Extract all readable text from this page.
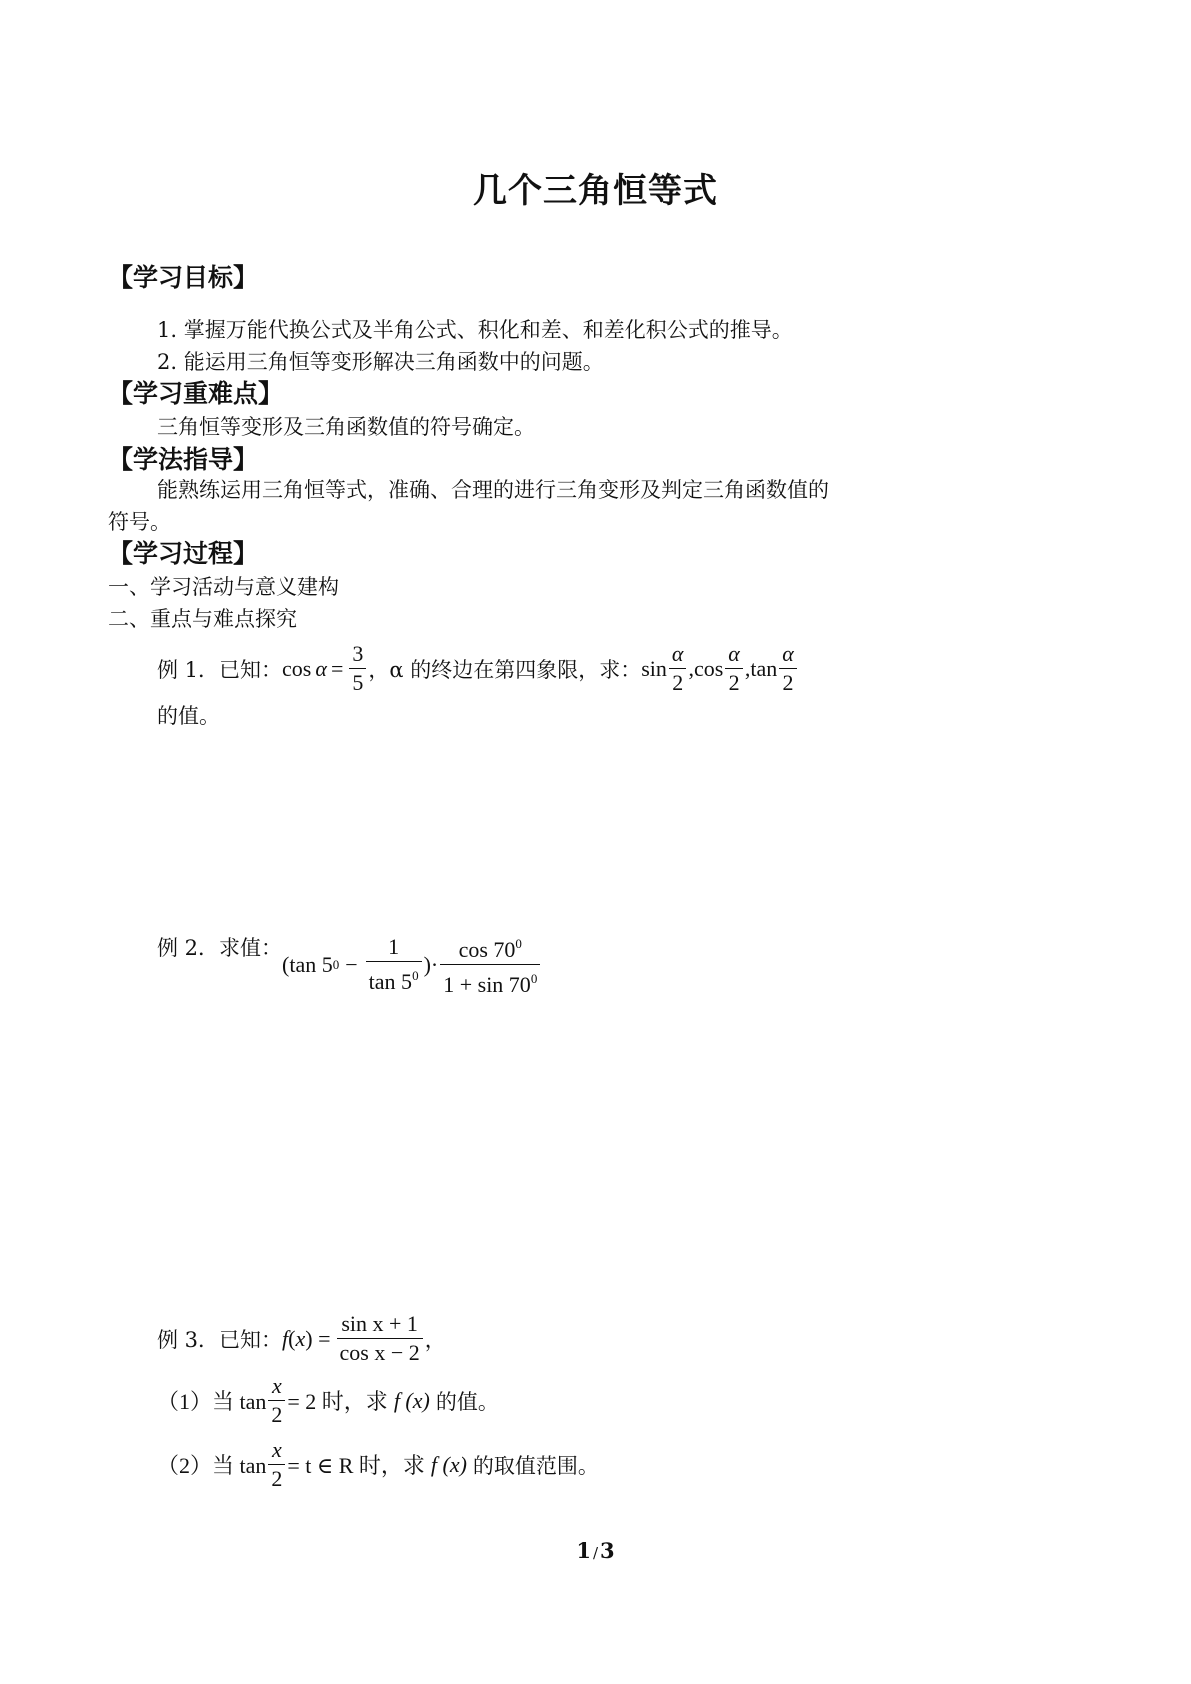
几个三角恒等式
【学习目标】
1. 掌握万能代换公式及半角公式、积化和差、和差化积公式的推导。
2. 能运用三角恒等变形解决三角函数中的问题。
【学习重难点】
三角恒等变形及三角函数值的符号确定。
【学法指导】
能熟练运用三角恒等式，准确、合理的进行三角变形及判定三角函数值的
符号。
【学习过程】
一、学习活动与意义建构
二、重点与难点探究
例 1．已知： $\cos \alpha = \frac{3}{5}$ ，α 的终边在第四象限，求： $\sin \frac{\alpha}{2}$ , $\cos \frac{\alpha}{2}$ , $\tan \frac{\alpha}{2}$
的值。
例 2．求值：
(tan 5 $0 - \frac{1}{\tan 5^0}$ )· $\frac{\cos 70^0}{1 + \sin 70^0}$
例 3．已知： f ( x ) = $\frac{\text{sin x + 1}}{\text{cos x − 2}}$ ，
（1）当 $\tan \frac{x}{2} = 2$ 时，求 f (x) 的值。
（2）当 $\tan \frac{x}{2} = t$ ∈ R 时，求 f (x) 的取值范围。
1 /3
